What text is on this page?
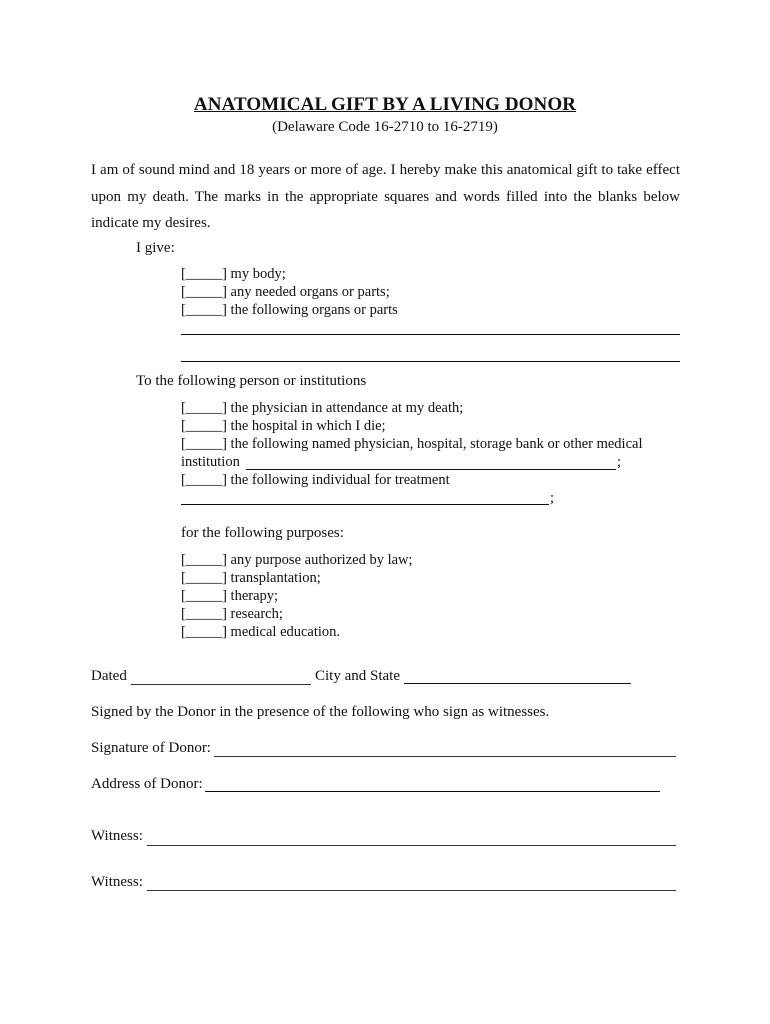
ANATOMICAL GIFT BY A LIVING DONOR
(Delaware Code 16-2710 to 16-2719)
I am of sound mind and 18 years or more of age. I hereby make this anatomical gift to take effect upon my death. The marks in the appropriate squares and words filled into the blanks below indicate my desires.
I give:
[_____] my body;
[_____] any needed organs or parts;
[_____] the following organs or parts
To the following person or institutions
[_____] the physician in attendance at my death;
[_____] the hospital in which I die;
[_____] the following named physician, hospital, storage bank or other medical
institution	;
[_____] the following individual for treatment
;
for the following purposes:
[_____] any purpose authorized by law;
[_____] transplantation;
[_____] therapy;
[_____] research;
[_____] medical education.
Dated	City and State
Signed by the Donor in the presence of the following who sign as witnesses.
Signature of Donor:
Address of Donor:
Witness:
Witness:
